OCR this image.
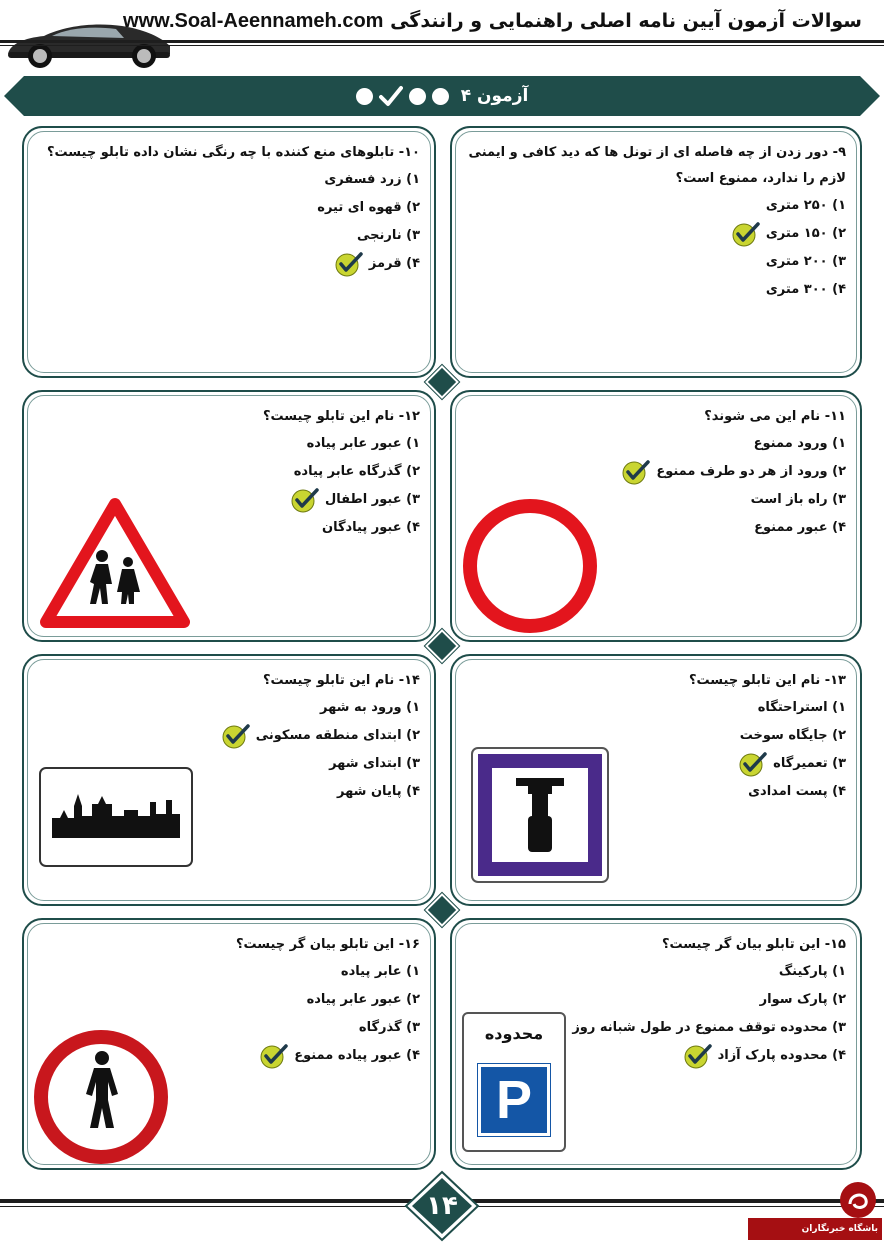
سوالات آزمون آیین نامه اصلی راهنمایی و رانندگی www.Soal-Aeennameh.com
آزمون ۴
۹- دور زدن از چه فاصله ای از تونل ها که دید کافی و ایمنی لازم را ندارد، ممنوع است؟
۱) ۲۵۰ متری
۲) ۱۵۰ متری
۳) ۲۰۰ متری
۴) ۳۰۰ متری
۱۰- تابلوهای منع کننده با چه رنگی نشان داده تابلو چیست؟
۱) زرد فسفری
۲) قهوه ای تیره
۳) نارنجی
۴) قرمز
۱۱- نام این می شوند؟
۱) ورود ممنوع
۲) ورود از هر دو طرف ممنوع
۳) راه باز است
۴) عبور ممنوع
۱۲- نام این تابلو چیست؟
۱) عبور عابر پیاده
۲) گذرگاه عابر پیاده
۳) عبور اطفال
۴) عبور پیادگان
۱۳- نام این تابلو چیست؟
۱) استراحتگاه
۲) جایگاه سوخت
۳) تعمیرگاه
۴) پست امدادی
۱۴- نام این تابلو چیست؟
۱) ورود به شهر
۲) ابتدای منطقه مسکونی
۳) ابتدای شهر
۴) پایان شهر
۱۵- این تابلو بیان گر چیست؟
۱) پارکینگ
۲) پارک سوار
۳) محدوده توقف ممنوع در طول شبانه روز
۴) محدوده پارک آزاد
محدوده
P
۱۶- این تابلو بیان گر چیست؟
۱) عابر پیاده
۲) عبور عابر پیاده
۳) گذرگاه
۴) عبور پیاده ممنوع
۱۴
باشگاه خبرنگاران
